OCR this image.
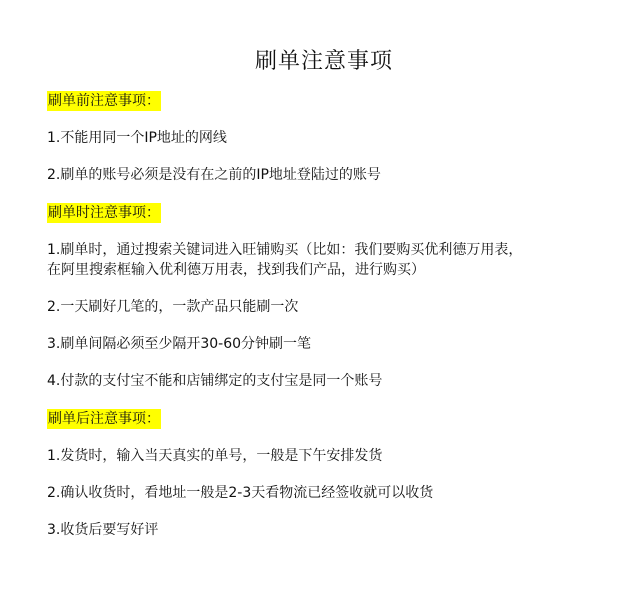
刷单注意事项
刷单前注意事项：
1.不能用同一个IP地址的网线
2.刷单的账号必须是没有在之前的IP地址登陆过的账号
刷单时注意事项：
1.刷单时，通过搜索关键词进入旺铺购买（比如：我们要购买优利德万用表，
在阿里搜索框输入优利德万用表，找到我们产品，进行购买）
2.一天刷好几笔的，一款产品只能刷一次
3.刷单间隔必须至少隔开30-60分钟刷一笔
4.付款的支付宝不能和店铺绑定的支付宝是同一个账号
刷单后注意事项：
1.发货时，输入当天真实的单号，一般是下午安排发货
2.确认收货时，看地址一般是2-3天看物流已经签收就可以收货
3.收货后要写好评
